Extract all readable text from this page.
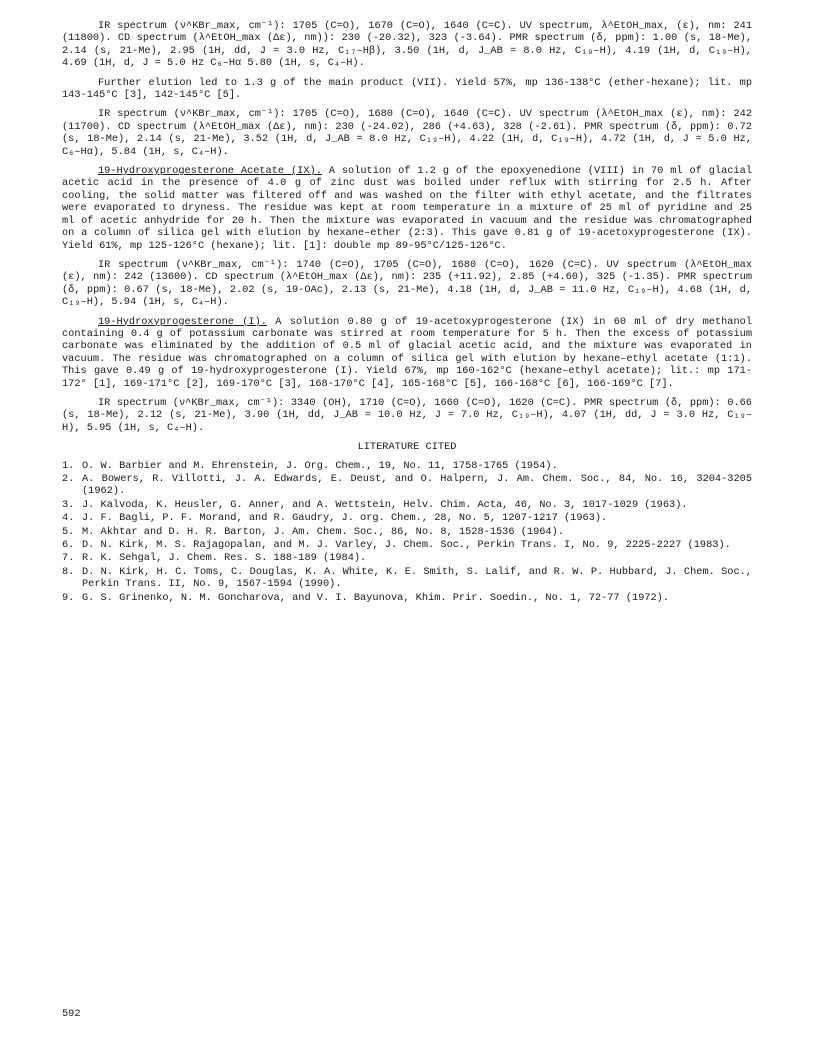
IR spectrum (ν^KBr_max, cm⁻¹): 1705 (C=O), 1670 (C=O), 1640 (C=C). UV spectrum, λ^EtOH_max, (ε), nm: 241 (11800). CD spectrum (λ^EtOH_max (Δε), nm)): 230 (-20.32), 323 (-3.64). PMR spectrum (δ, ppm): 1.00 (s, 18-Me), 2.14 (s, 21-Me), 2.95 (1H, dd, J = 3.0 Hz, C₁₇–Hβ), 3.50 (1H, d, J_AB = 8.0 Hz, C₁₉–H), 4.19 (1H, d, C₁₉–H), 4.69 (1H, d, J = 5.0 Hz C₆–Hα 5.80 (1H, s, C₄–H).

Further elution led to 1.3 g of the main product (VII). Yield 57%, mp 136-138°C (ether-hexane); lit. mp 143-145°C [3], 142-145°C [5].

IR spectrum (ν^KBr_max, cm⁻¹): 1705 (C=O), 1680 (C=O), 1640 (C=C). UV spectrum (λ^EtOH_max (ε), nm): 242 (11700). CD spectrum (λ^EtOH_max (Δε), nm): 230 (-24.02), 286 (+4.63), 328 (-2.61). PMR spectrum (δ, ppm): 0.72 (s, 18-Me), 2.14 (s, 21-Me), 3.52 (1H, d, J_AB = 8.0 Hz, C₁₉–H), 4.22 (1H, d, C₁₉–H), 4.72 (1H, d, J = 5.0 Hz, C₆–Hα), 5.84 (1H, s, C₄–H).

19-Hydroxyprogesterone Acetate (IX). A solution of 1.2 g of the epoxyenedione (VIII) in 70 ml of glacial acetic acid in the presence of 4.0 g of zinc dust was boiled under reflux with stirring for 2.5 h. After cooling, the solid matter was filtered off and was washed on the filter with ethyl acetate, and the filtrates were evaporated to dryness. The residue was kept at room temperature in a mixture of 25 ml of pyridine and 25 ml of acetic anhydride for 20 h. Then the mixture was evaporated in vacuum and the residue was chromatographed on a column of silica gel with elution by hexane–ether (2:3). This gave 0.81 g of 19-acetoxyprogesterone (IX). Yield 61%, mp 125-126°C (hexane); lit. [1]: double mp 89-95°C/125-126°C.

IR spectrum (ν^KBr_max, cm⁻¹): 1740 (C=O), 1705 (C=O), 1680 (C=O), 1620 (C=C). UV spectrum (λ^EtOH_max (ε), nm): 242 (13600). CD spectrum (λ^EtOH_max (Δε), nm): 235 (+11.92), 2.85 (+4.60), 325 (-1.35). PMR spectrum (δ, ppm): 0.67 (s, 18-Me), 2.02 (s, 19-OAc), 2.13 (s, 21-Me), 4.18 (1H, d, J_AB = 11.0 Hz, C₁₉–H), 4.68 (1H, d, C₁₉–H), 5.94 (1H, s, C₄–H).

19-Hydroxyprogesterone (I). A solution 0.80 g of 19-acetoxyprogesterone (IX) in 60 ml of dry methanol containing 0.4 g of potassium carbonate was stirred at room temperature for 5 h. Then the excess of potassium carbonate was eliminated by the addition of 0.5 ml of glacial acetic acid, and the mixture was evaporated in vacuum. The residue was chromatographed on a column of silica gel with elution by hexane–ethyl acetate (1:1). This gave 0.49 g of 19-hydroxyprogesterone (I). Yield 67%, mp 160-162°C (hexane–ethyl acetate); lit.: mp 171-172° [1], 169-171°C [2], 169-170°C [3], 168-170°C [4], 165-168°C [5], 166-168°C [6], 166-169°C [7].

IR spectrum (ν^KBr_max, cm⁻¹): 3340 (OH), 1710 (C=O), 1660 (C=O), 1620 (C=C). PMR spectrum (δ, ppm): 0.66 (s, 18-Me), 2.12 (s, 21-Me), 3.90 (1H, dd, J_AB = 10.0 Hz, J = 7.0 Hz, C₁₉–H), 4.07 (1H, dd, J = 3.0 Hz, C₁₉–H), 5.95 (1H, s, C₄–H).

LITERATURE CITED
1. O. W. Barbier and M. Ehrenstein, J. Org. Chem., 19, No. 11, 1758-1765 (1954).
2. A. Bowers, R. Villotti, J. A. Edwards, E. Deust, and O. Halpern, J. Am. Chem. Soc., 84, No. 16, 3204-3205 (1962).
3. J. Kalvoda, K. Heusler, G. Anner, and A. Wettstein, Helv. Chim. Acta, 46, No. 3, 1017-1029 (1963).
4. J. F. Bagli, P. F. Morand, and R. Gaudry, J. org. Chem., 28, No. 5, 1207-1217 (1963).
5. M. Akhtar and D. H. R. Barton, J. Am. Chem. Soc., 86, No. 8, 1528-1536 (1964).
6. D. N. Kirk, M. S. Rajagopalan, and M. J. Varley, J. Chem. Soc., Perkin Trans. I, No. 9, 2225-2227 (1983).
7. R. K. Sehgal, J. Chem. Res. S. 188-189 (1984).
8. D. N. Kirk, H. C. Toms, C. Douglas, K. A. White, K. E. Smith, S. Lalif, and R. W. P. Hubbard, J. Chem. Soc., Perkin Trans. II, No. 9, 1567-1594 (1990).
9. G. S. Grinenko, N. M. Goncharova, and V. I. Bayunova, Khim. Prir. Soedin., No. 1, 72-77 (1972).
592
